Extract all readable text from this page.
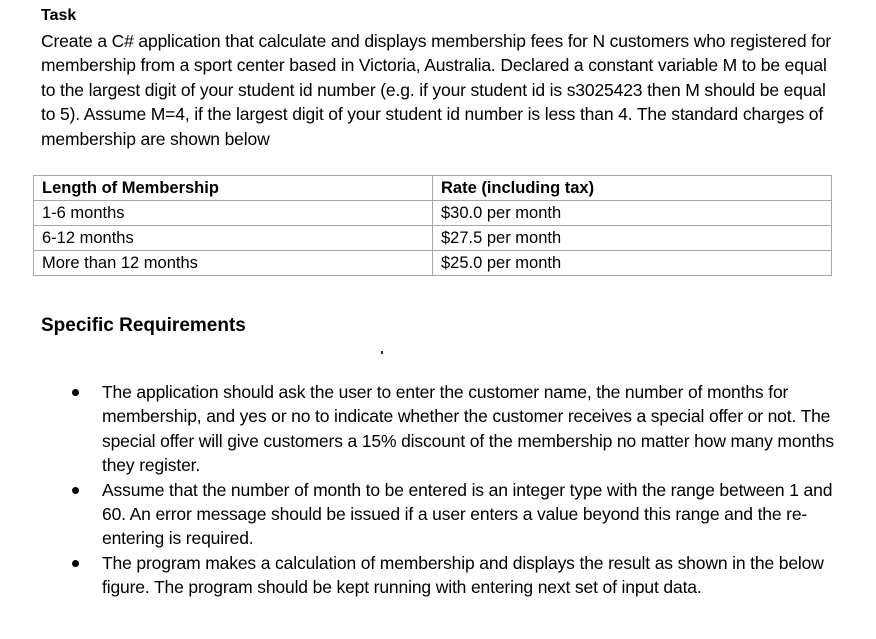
Task

Create a C# application that calculate and displays membership fees for N customers who registered for membership from a sport center based in Victoria, Australia. Declared a constant variable M to be equal to the largest digit of your student id number (e.g. if your student id is s3025423 then M should be equal to 5). Assume M=4, if the largest digit of your student id number is less than 4. The standard charges of membership are shown below

Length of Membership	Rate (including tax)
1-6 months	$30.0 per month
6-12 months	$27.5 per month
More than 12 months	$25.0 per month
Specific Requirements
The application should ask the user to enter the customer name, the number of months for membership, and yes or no to indicate whether the customer receives a special offer or not. The special offer will give customers a 15% discount of the membership no matter how many months they register.
Assume that the number of month to be entered is an integer type with the range between 1 and 60. An error message should be issued if a user enters a value beyond this range and the re-entering is required.
The program makes a calculation of membership and displays the result as shown in the below figure. The program should be kept running with entering next set of input data.
